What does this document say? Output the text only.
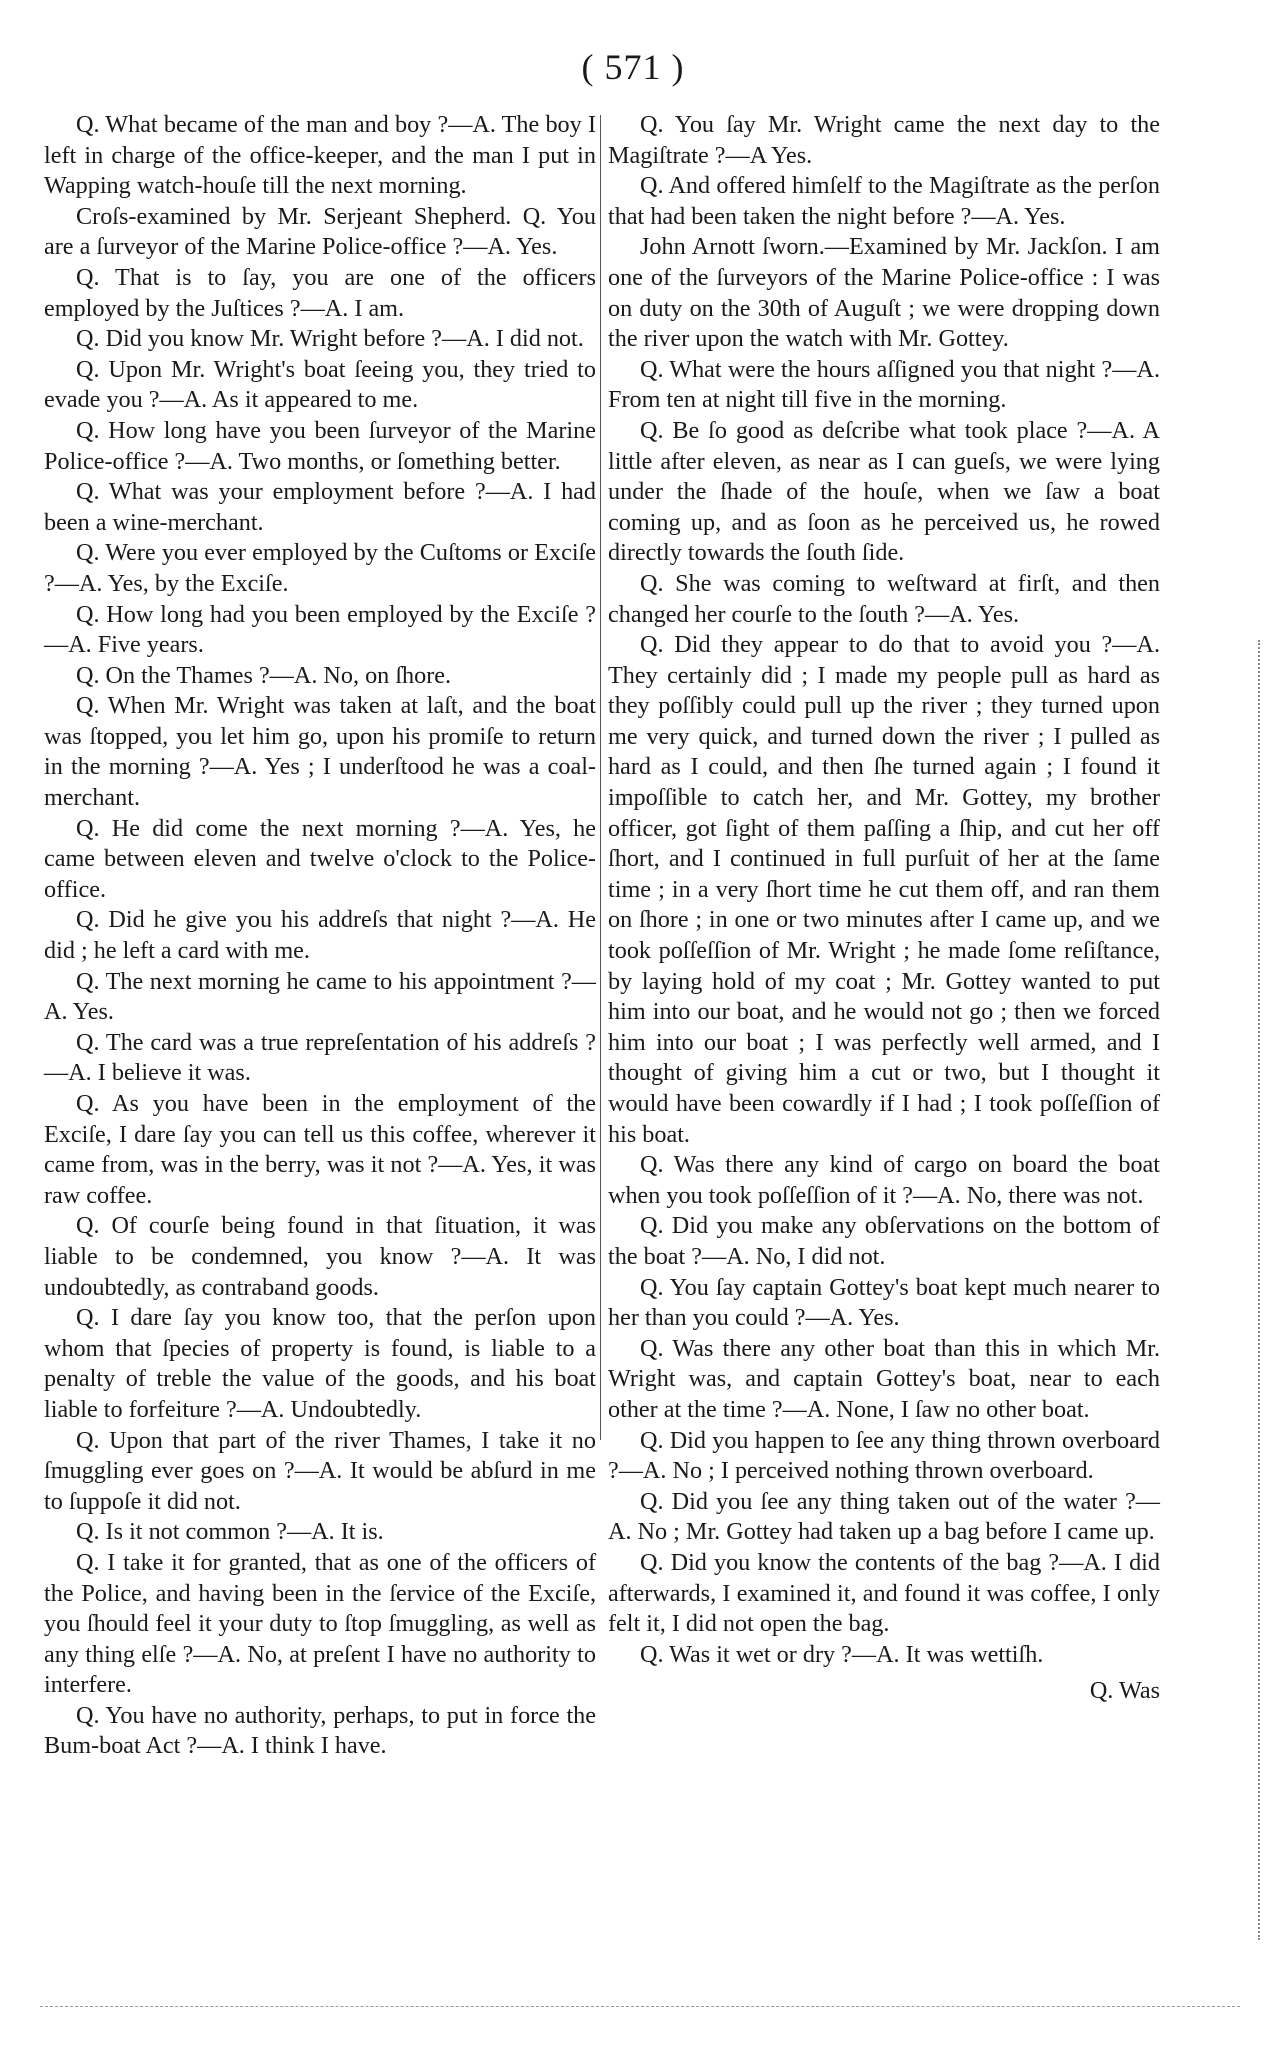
( 571 )

Q. What became of the man and boy ?—A. The boy I left in charge of the office-keeper, and the man I put in Wapping watch-houſe till the next morning.

Croſs-examined by Mr. Serjeant Shepherd. Q. You are a ſurveyor of the Marine Police-office ?—A. Yes.

Q. That is to ſay, you are one of the officers employed by the Juſtices ?—A. I am.

Q. Did you know Mr. Wright before ?—A. I did not.

Q. Upon Mr. Wright's boat ſeeing you, they tried to evade you ?—A. As it appeared to me.

Q. How long have you been ſurveyor of the Marine Police-office ?—A. Two months, or ſomething better.

Q. What was your employment before ?—A. I had been a wine-merchant.

Q. Were you ever employed by the Cuſtoms or Exciſe ?—A. Yes, by the Exciſe.

Q. How long had you been employed by the Exciſe ?—A. Five years.

Q. On the Thames ?—A. No, on ſhore.

Q. When Mr. Wright was taken at laſt, and the boat was ſtopped, you let him go, upon his promiſe to return in the morning ?—A. Yes ; I underſtood he was a coal-merchant.

Q. He did come the next morning ?—A. Yes, he came between eleven and twelve o'clock to the Police-office.

Q. Did he give you his addreſs that night ?—A. He did ; he left a card with me.

Q. The next morning he came to his appointment ?—A. Yes.

Q. The card was a true repreſentation of his addreſs ?—A. I believe it was.

Q. As you have been in the employment of the Exciſe, I dare ſay you can tell us this coffee, wherever it came from, was in the berry, was it not ?—A. Yes, it was raw coffee.

Q. Of courſe being found in that ſituation, it was liable to be condemned, you know ?—A. It was undoubtedly, as contraband goods.

Q. I dare ſay you know too, that the perſon upon whom that ſpecies of property is found, is liable to a penalty of treble the value of the goods, and his boat liable to forfeiture ?—A. Undoubtedly.

Q. Upon that part of the river Thames, I take it no ſmuggling ever goes on ?—A. It would be abſurd in me to ſuppoſe it did not.

Q. Is it not common ?—A. It is.

Q. I take it for granted, that as one of the officers of the Police, and having been in the ſervice of the Exciſe, you ſhould feel it your duty to ſtop ſmuggling, as well as any thing elſe ?—A. No, at preſent I have no authority to interfere.

Q. You have no authority, perhaps, to put in force the Bum-boat Act ?—A. I think I have.

Q. You ſay Mr. Wright came the next day to the Magiſtrate ?—A Yes.

Q. And offered himſelf to the Magiſtrate as the perſon that had been taken the night before ?—A. Yes.

John Arnott ſworn.—Examined by Mr. Jackſon. I am one of the ſurveyors of the Marine Police-office : I was on duty on the 30th of Auguſt ; we were dropping down the river upon the watch with Mr. Gottey.

Q. What were the hours aſſigned you that night ?—A. From ten at night till five in the morning.

Q. Be ſo good as deſcribe what took place ?—A. A little after eleven, as near as I can gueſs, we were lying under the ſhade of the houſe, when we ſaw a boat coming up, and as ſoon as he perceived us, he rowed directly towards the ſouth ſide.

Q. She was coming to weſtward at firſt, and then changed her courſe to the ſouth ?—A. Yes.

Q. Did they appear to do that to avoid you ?—A. They certainly did ; I made my people pull as hard as they poſſibly could pull up the river ; they turned upon me very quick, and turned down the river ; I pulled as hard as I could, and then ſhe turned again ; I found it impoſſible to catch her, and Mr. Gottey, my brother officer, got ſight of them paſſing a ſhip, and cut her off ſhort, and I continued in full purſuit of her at the ſame time ; in a very ſhort time he cut them off, and ran them on ſhore ; in one or two minutes after I came up, and we took poſſeſſion of Mr. Wright ; he made ſome reſiſtance, by laying hold of my coat ; Mr. Gottey wanted to put him into our boat, and he would not go ; then we forced him into our boat ; I was perfectly well armed, and I thought of giving him a cut or two, but I thought it would have been cowardly if I had ; I took poſſeſſion of his boat.

Q. Was there any kind of cargo on board the boat when you took poſſeſſion of it ?—A. No, there was not.

Q. Did you make any obſervations on the bottom of the boat ?—A. No, I did not.

Q. You ſay captain Gottey's boat kept much nearer to her than you could ?—A. Yes.

Q. Was there any other boat than this in which Mr. Wright was, and captain Gottey's boat, near to each other at the time ?—A. None, I ſaw no other boat.

Q. Did you happen to ſee any thing thrown overboard ?—A. No ; I perceived nothing thrown overboard.

Q. Did you ſee any thing taken out of the water ?—A. No ; Mr. Gottey had taken up a bag before I came up.

Q. Did you know the contents of the bag ?—A. I did afterwards, I examined it, and found it was coffee, I only felt it, I did not open the bag.

Q. Was it wet or dry ?—A. It was wettiſh.

Q. Was
